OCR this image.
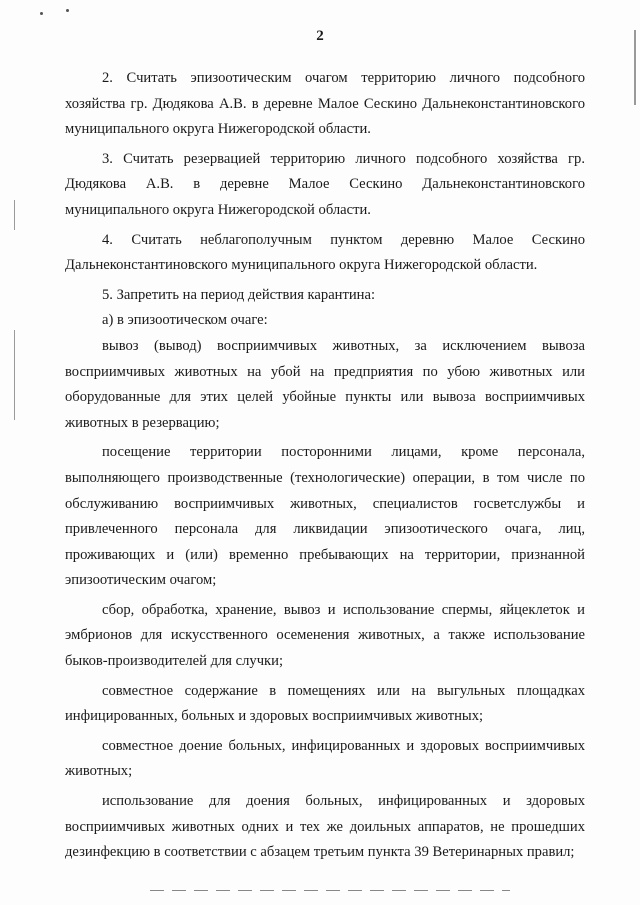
2

2. Считать эпизоотическим очагом территорию личного подсобного хозяйства гр. Дюдякова А.В. в деревне Малое Сескино Дальнеконстантиновского муниципального округа Нижегородской области.

3. Считать резервацией территорию личного подсобного хозяйства гр. Дюдякова А.В. в деревне Малое Сескино Дальнеконстантиновского муниципального округа Нижегородской области.

4. Считать неблагополучным пунктом деревню Малое Сескино Дальнеконстантиновского муниципального округа Нижегородской области.

5. Запретить на период действия карантина:

а) в эпизоотическом очаге:

вывоз (вывод) восприимчивых животных, за исключением вывоза восприимчивых животных на убой на предприятия по убою животных или оборудованные для этих целей убойные пункты или вывоза восприимчивых животных в резервацию;

посещение территории посторонними лицами, кроме персонала, выполняющего производственные (технологические) операции, в том числе по обслуживанию восприимчивых животных, специалистов госветслужбы и привлеченного персонала для ликвидации эпизоотического очага, лиц, проживающих и (или) временно пребывающих на территории, признанной эпизоотическим очагом;

сбор, обработка, хранение, вывоз и использование спермы, яйцеклеток и эмбрионов для искусственного осеменения животных, а также использование быков-производителей для случки;

совместное содержание в помещениях или на выгульных площадках инфицированных, больных и здоровых восприимчивых животных;

совместное доение больных, инфицированных и здоровых восприимчивых животных;

использование для доения больных, инфицированных и здоровых восприимчивых животных одних и тех же доильных аппаратов, не прошедших дезинфекцию в соответствии с абзацем третьим пункта 39 Ветеринарных правил;
